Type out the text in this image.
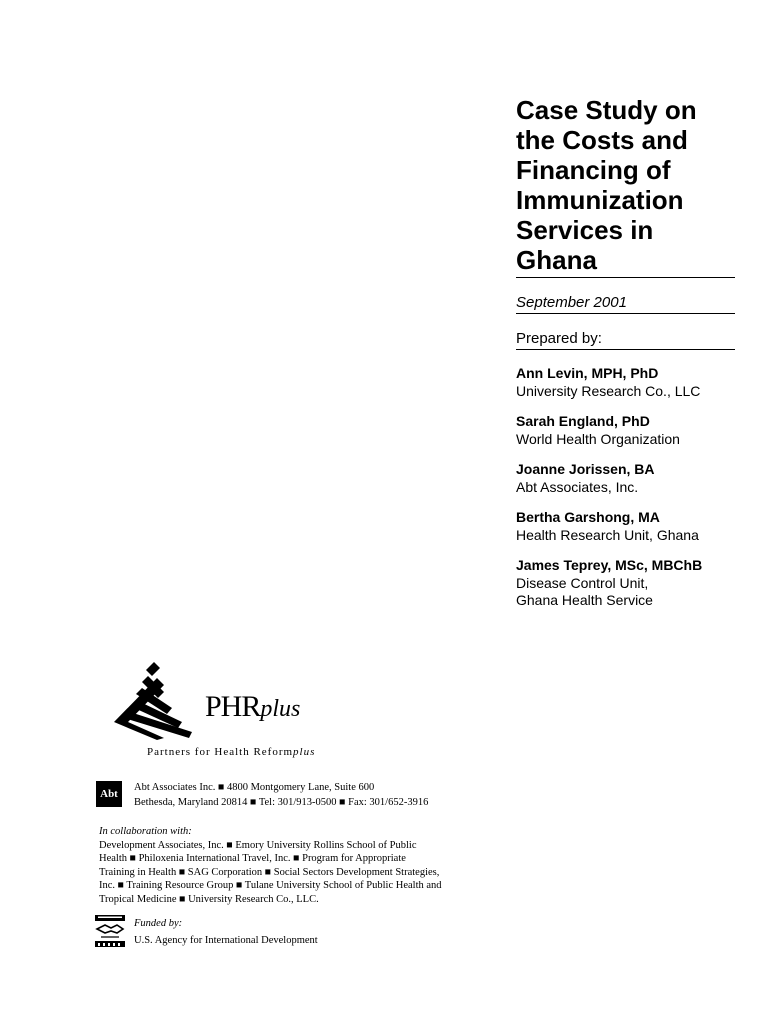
Case Study on
the Costs and
Financing of
Immunization
Services in
Ghana
September 2001
Prepared by:
Ann Levin, MPH, PhD
University Research Co., LLC
Sarah England, PhD
World Health Organization
Joanne Jorissen, BA
Abt Associates, Inc.
Bertha Garshong, MA
Health Research Unit, Ghana
James Teprey, MSc, MBChB
Disease Control Unit,
Ghana Health Service
PHRplus
Partners for Health Reformplus
Abt
Abt Associates Inc. ■ 4800 Montgomery Lane, Suite 600
Bethesda, Maryland 20814 ■ Tel: 301/913-0500 ■ Fax: 301/652-3916
In collaboration with:
Development Associates, Inc. ■ Emory University Rollins School of Public
Health ■ Philoxenia International Travel, Inc. ■ Program for Appropriate
Training in Health ■ SAG Corporation ■ Social Sectors Development Strategies,
Inc. ■ Training Resource Group ■ Tulane University School of Public Health and
Tropical Medicine ■ University Research Co., LLC.
Funded by:
U.S. Agency for International Development
